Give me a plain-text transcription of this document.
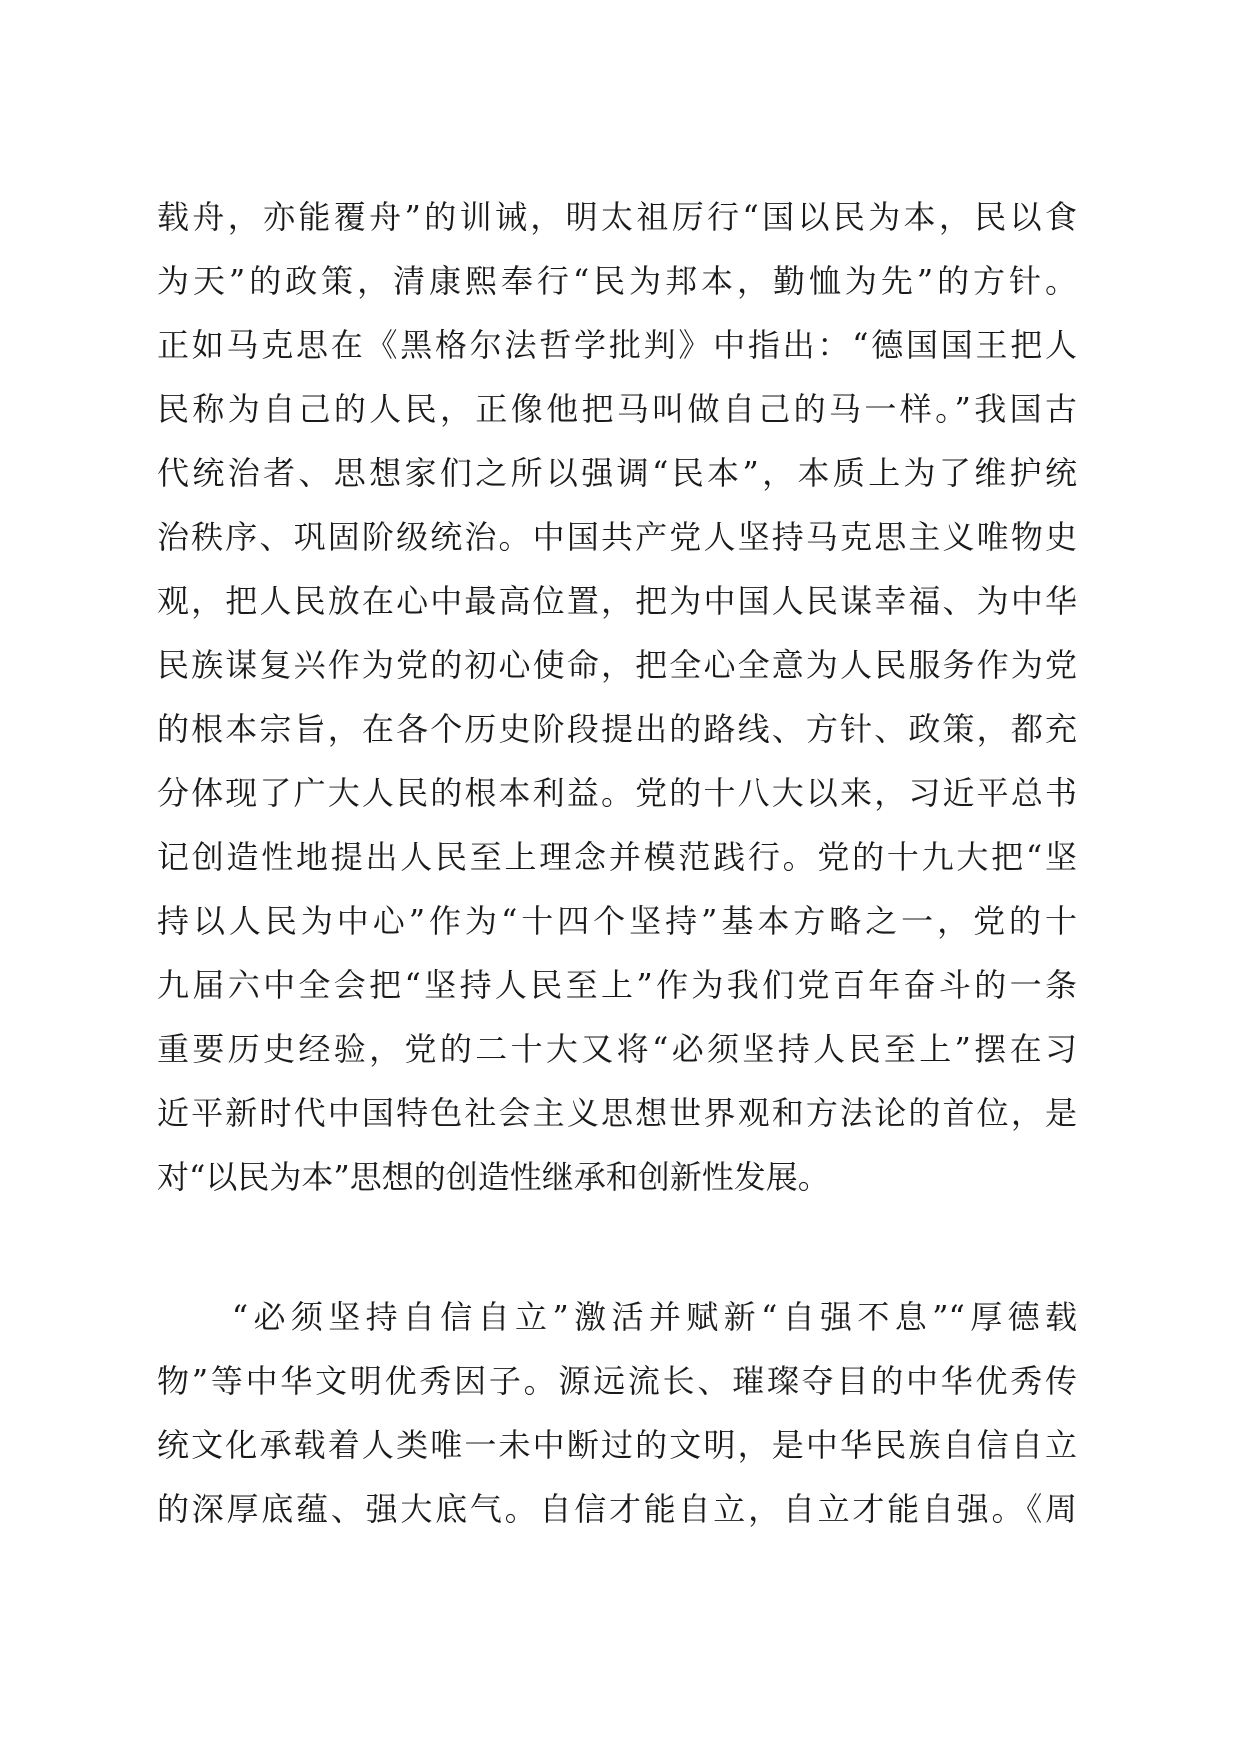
载舟，亦能覆舟”的训诫，明太祖厉行“国以民为本，民以食
为天”的政策，清康熙奉行“民为邦本，勤恤为先”的方针。
正如马克思在《黑格尔法哲学批判》中指出：“德国国王把人
民称为自己的人民，正像他把马叫做自己的马一样。”我国古
代统治者、思想家们之所以强调“民本”，本质上为了维护统
治秩序、巩固阶级统治。中国共产党人坚持马克思主义唯物史
观，把人民放在心中最高位置，把为中国人民谋幸福、为中华
民族谋复兴作为党的初心使命，把全心全意为人民服务作为党
的根本宗旨，在各个历史阶段提出的路线、方针、政策，都充
分体现了广大人民的根本利益。党的十八大以来，习近平总书
记创造性地提出人民至上理念并模范践行。党的十九大把“坚
持以人民为中心”作为“十四个坚持”基本方略之一，党的十
九届六中全会把“坚持人民至上”作为我们党百年奋斗的一条
重要历史经验，党的二十大又将“必须坚持人民至上”摆在习
近平新时代中国特色社会主义思想世界观和方法论的首位，是
对“以民为本”思想的创造性继承和创新性发展。
　　“必须坚持自信自立”激活并赋新“自强不息”“厚德载
物”等中华文明优秀因子。源远流长、璀璨夺目的中华优秀传
统文化承载着人类唯一未中断过的文明，是中华民族自信自立
的深厚底蕴、强大底气。自信才能自立，自立才能自强。《周
